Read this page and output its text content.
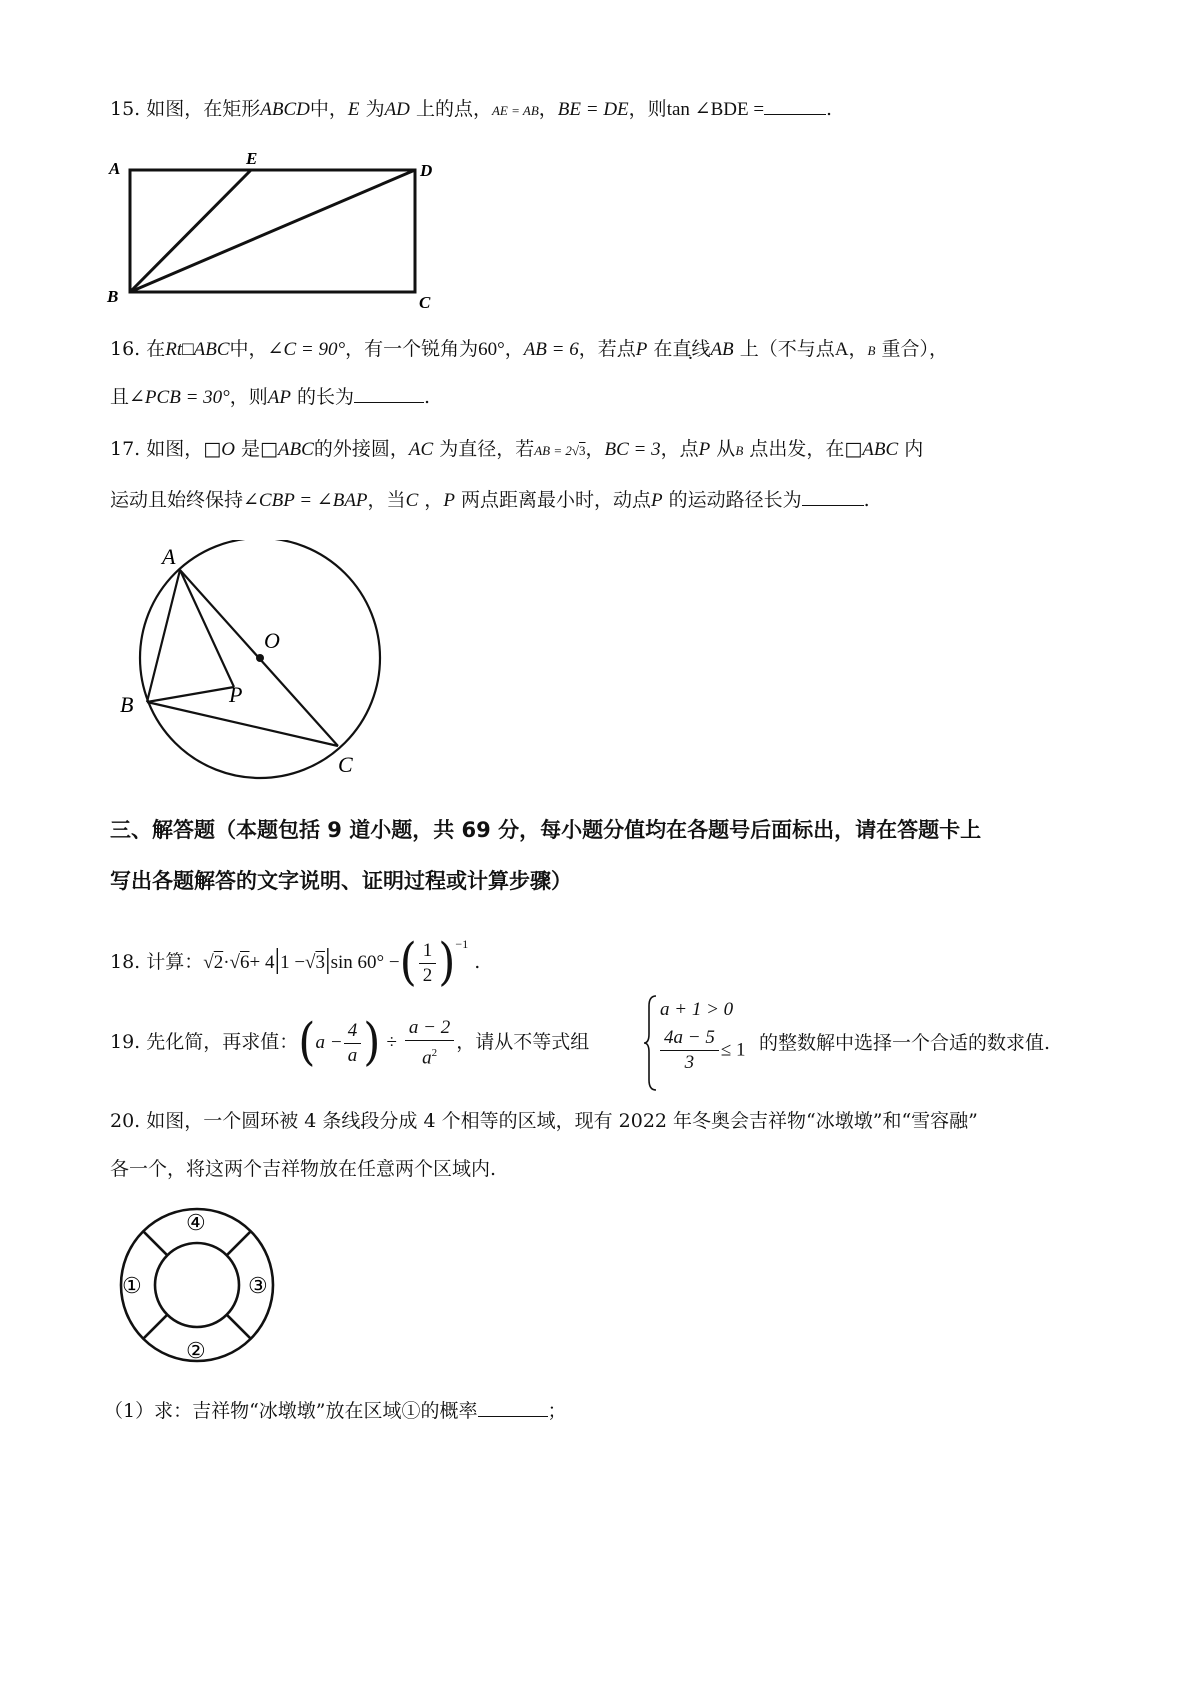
15. 如图，在矩形ABCD中，E 为AD 上的点，AE = AB，BE = DE，则tan ∠BDE =	.
A
E
D
B	C
16. 在Rt□ABC中，∠C = 90°，有一个锐角为60°，AB = 6，若点P 在直线AB 上（不与点A，B 重合），
且∠PCB = 30°，则AP 的长为	.
17. 如图，□O 是□ABC的外接圆，AC 为直径，若AB = 2√3，BC = 3，点P 从B 点出发，在□ABC 内
运动且始终保持∠CBP = ∠BAP，当C ，P 两点距离最小时，动点P 的运动路径长为	.
A
O
B	P
C
三、解答题（本题包括 9 道小题，共 69 分，每小题分值均在各题号后面标出，请在答题卡上
写出各题解答的文字说明、证明过程或计算步骤）
18. 计算：√2·√6+ 4|1 −√3|sin 60° −( $\frac{1}{2} )^{-1}$ .
19. 先化简，再求值：($a - \frac{4}{a}$ ) ÷ $\frac{a - 2}{a^2}$ ，请从不等式组
a + 1 > 0
$\frac{4a - 5}{3} \le 1$ 的整数解中选择一个合适的数求值.
20. 如图，一个圆环被 4 条线段分成 4 个相等的区域，现有 2022 年冬奥会吉祥物“冰墩墩”和“雪容融”
各一个，将这两个吉祥物放在任意两个区域内.
①
②
③
④
（1）求：吉祥物“冰墩墩”放在区域①的概率	；
